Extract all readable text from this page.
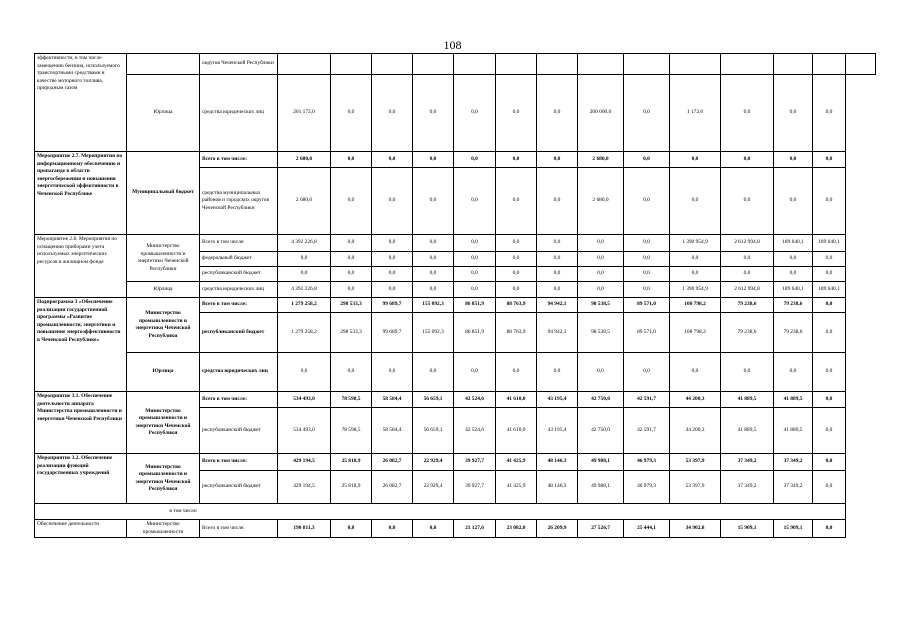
108
эффективности, в том числе замещению бензина, используемого транспортными средствами в качестве моторного топлива, природным газом		округов Чеченской Республики														
	Юрлица	средства юридических лиц	201 172,0	0,0	0,0	0,0	0,0	0,0	0,0	200 000,0	0,0	1 172,0	0,0	0,0	0,0	
Мероприятие 2.7. Мероприятия по информационному обеспечению и пропаганде в области энергосбережения и повышения энергетической эффективности в Чеченской Республике	Муниципальный бюджет	Всего в том числе:	2 680,0	0,0	0,0	0,0	0,0	0,0	0,0	2 680,0	0,0	0,0	0,0	0,0	0,0	
		средства муниципальных районов и городских округов Чеченской Республики	2 680,0	0,0	0,0	0,0	0,0	0,0	0,0	2 680,0	0,0	0,0	0,0	0,0	0,0	
Мероприятие 2.8. Мероприятия по оснащению приборами учета используемых энергетических ресурсов в жилищном фонде	Министерство промышленности и энергетики Чеченской Республики	Всего в том числе:	4 392 226,8	0,0	0,0	0,0	0,0	0,0	0,0	0,0	0,0	1 390 954,9	2 612 994,8	189 640,1	189 640,1	
		федеральный бюджет	0,0	0,0	0,0	0,0	0,0	0,0	0,0	0,0	0,0	0,0	0,0	0,0	0,0	
		республиканский бюджет	0,0	0,0	0,0	0,0	0,0	0,0	0,0	0,0	0,0	0,0	0,0	0,0	0,0	
	Юрлица	средства юридических лиц	4 392 226,8	0,0	0,0	0,0	0,0	0,0	0,0	0,0	0,0	1 390 954,9	2 612 994,8	189 640,1	189 640,1	
Подпрограмма 3 «Обеспечение реализации государственной программы «Развитие промышленности, энергетики и повышение энергоэффективности в Чеченской Республике»	Министерство промышленности и энергетики Чеченской Республики	Всего в том числе:	1 279 258,2	298 533,3	99 689,7	155 092,3	86 851,9	88 763,9	94 942,1	98 538,5	89 571,0	108 798,2	79 238,6	79 238,6	0,0	
		республиканский бюджет	1 279 258,2	298 533,3	99 689,7	155 092,3	86 851,9	88 763,9	94 942,1	98 538,5	89 571,0	108 798,2	79 238,6	79 238,6	0,0	
	Юрлица	средства юридических лиц	0,0	0,0	0,0	0,0	0,0	0,0	0,0	0,0	0,0	0,0	0,0	0,0	0,0	
Мероприятие 3.1. Обеспечение деятельности аппарата Министерства промышленности и энергетики Чеченской Республики	Министерство промышленности и энергетики Чеченской Республики	Всего в том числе:	534 493,0	78 598,5	58 584,4	56 659,1	42 524,6	41 610,0	43 195,4	42 750,0	42 591,7	44 200,3	41 889,5	41 889,5	0,0	
		республиканский бюджет	534 493,0	78 598,5	58 584,4	56 659,1	42 524,6	41 610,0	43 195,4	42 750,0	42 591,7	44 200,3	41 889,5	41 889,5	0,0	
Мероприятие 3.2. Обеспечение реализации функций государственных учреждений	Министерство промышленности и энергетики Чеченской Республики	Всего в том числе:	429 194,5	25 818,9	26 082,7	22 929,4	39 927,7	41 425,9	48 146,3	49 988,1	46 979,3	53 397,9	37 349,2	37 349,2	0,0	
		республиканский бюджет	429 194,5	25 818,9	26 082,7	22 929,4	39 927,7	41 425,9	48 146,3	49 988,1	46 979,3	53 397,9	37 349,2	37 349,2	0,0	
в том числе:																
Обеспечение деятельности	Министерство промышленности	Всего в том числе:	190 811,3	0,0	0,0	0,0	21 127,6	23 082,0	26 209,9	27 526,7	25 444,1	34 902,8	15 909,1	15 909,1	0,0	
